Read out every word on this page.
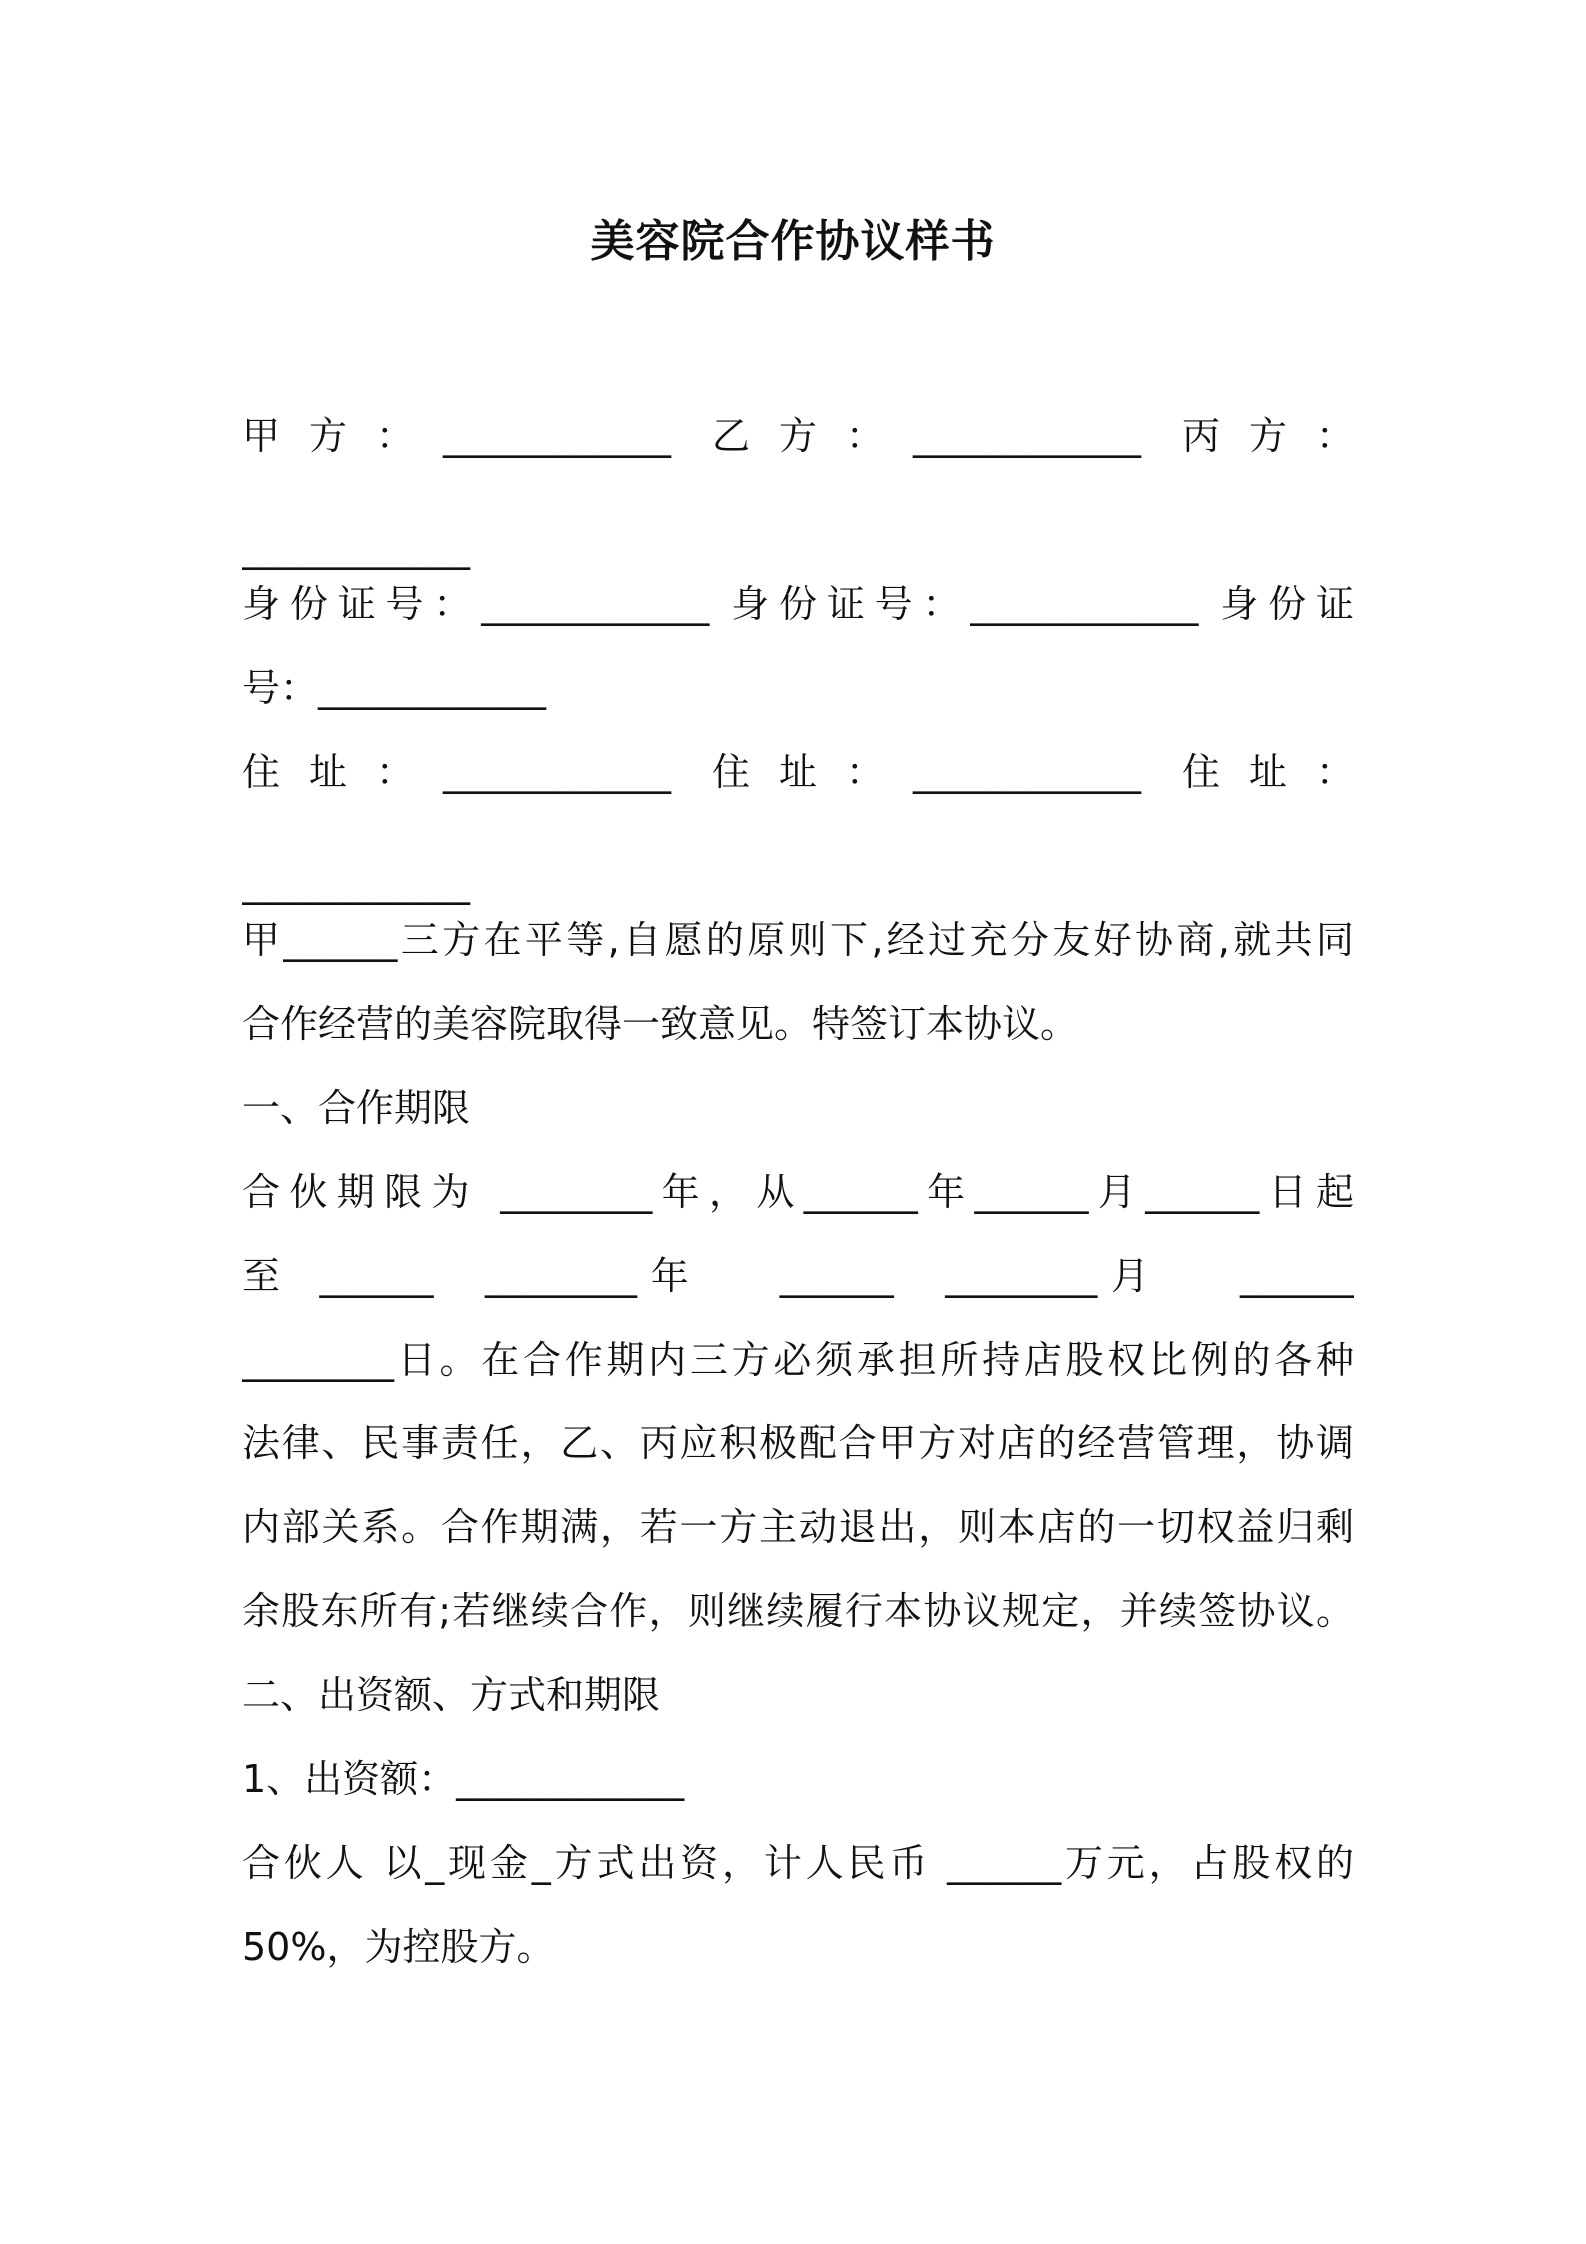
美容院合作协议样书
甲 方 ： ____________  乙 方 ： ____________  丙 方 ：
____________
身份证号：____________ 身份证号：____________ 身份证
号：____________
住 址 ： ____________  住 址 ： ____________  住 址 ：
____________
甲______三方在平等,自愿的原则下,经过充分友好协商,就共同
合作经营的美容院取得一致意见。特签订本协议。
一、合作期限
合伙期限为 ________年，从______年______月______日起
至 ______  ________年   ______  ________月   ______
________日。在合作期内三方必须承担所持店股权比例的各种
法律、民事责任，乙、丙应积极配合甲方对店的经营管理，协调
内部关系。合作期满，若一方主动退出，则本店的一切权益归剩
余股东所有;若继续合作，则继续履行本协议规定，并续签协议。
二、出资额、方式和期限
1、出资额：____________
合伙人 以_现金_方式出资，计人民币 ______万元，占股权的
50%，为控股方。
